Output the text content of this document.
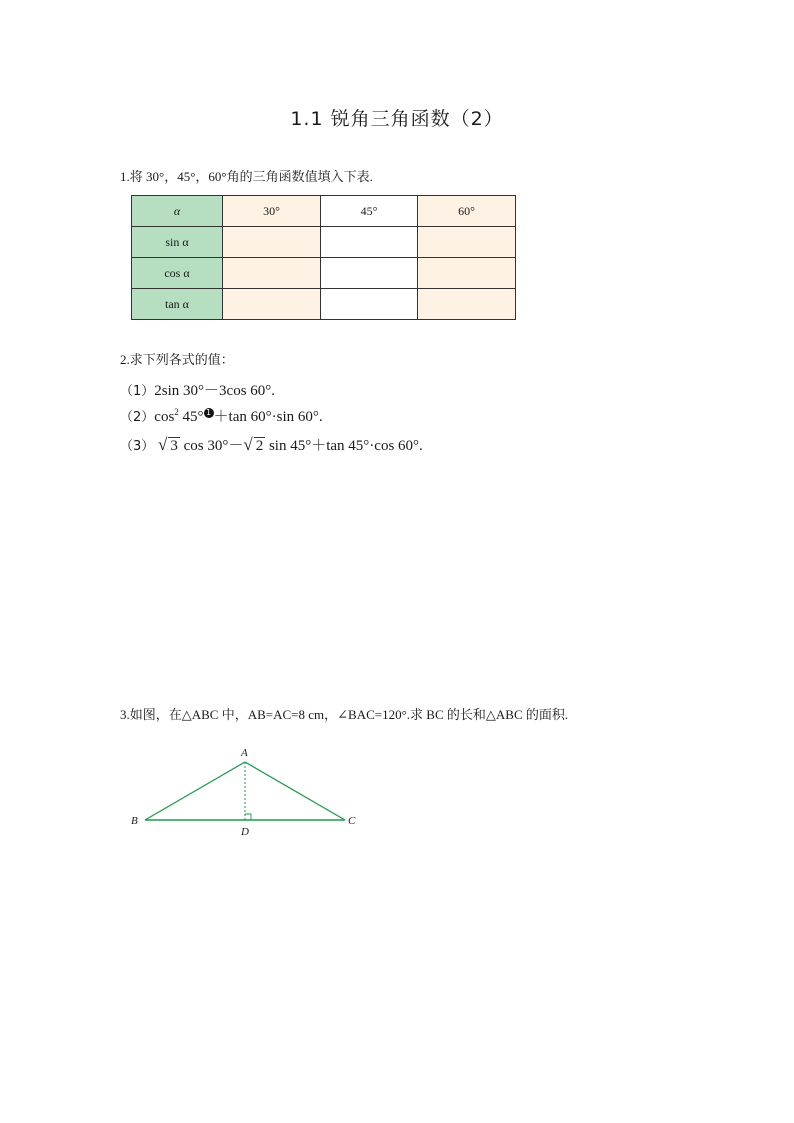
1.1 锐角三角函数（2）
1.将 30°，45°，60°角的三角函数值填入下表.
α	30°	45°	60°
sin α			
cos α			
tan α			
2.求下列各式的值：
（1）2sin 30°－3cos 60°.
$(2)\cos^2$ 45° 1 ＋tan 60°·sin 60°.
（3） √ 3 cos 30°－√ 2 sin 45°＋tan 45°·cos 60°.
3.如图，在△ABC 中，AB=AC=8 cm，∠BAC=120°.求 BC 的长和△ABC 的面积.
A
B	C
D
